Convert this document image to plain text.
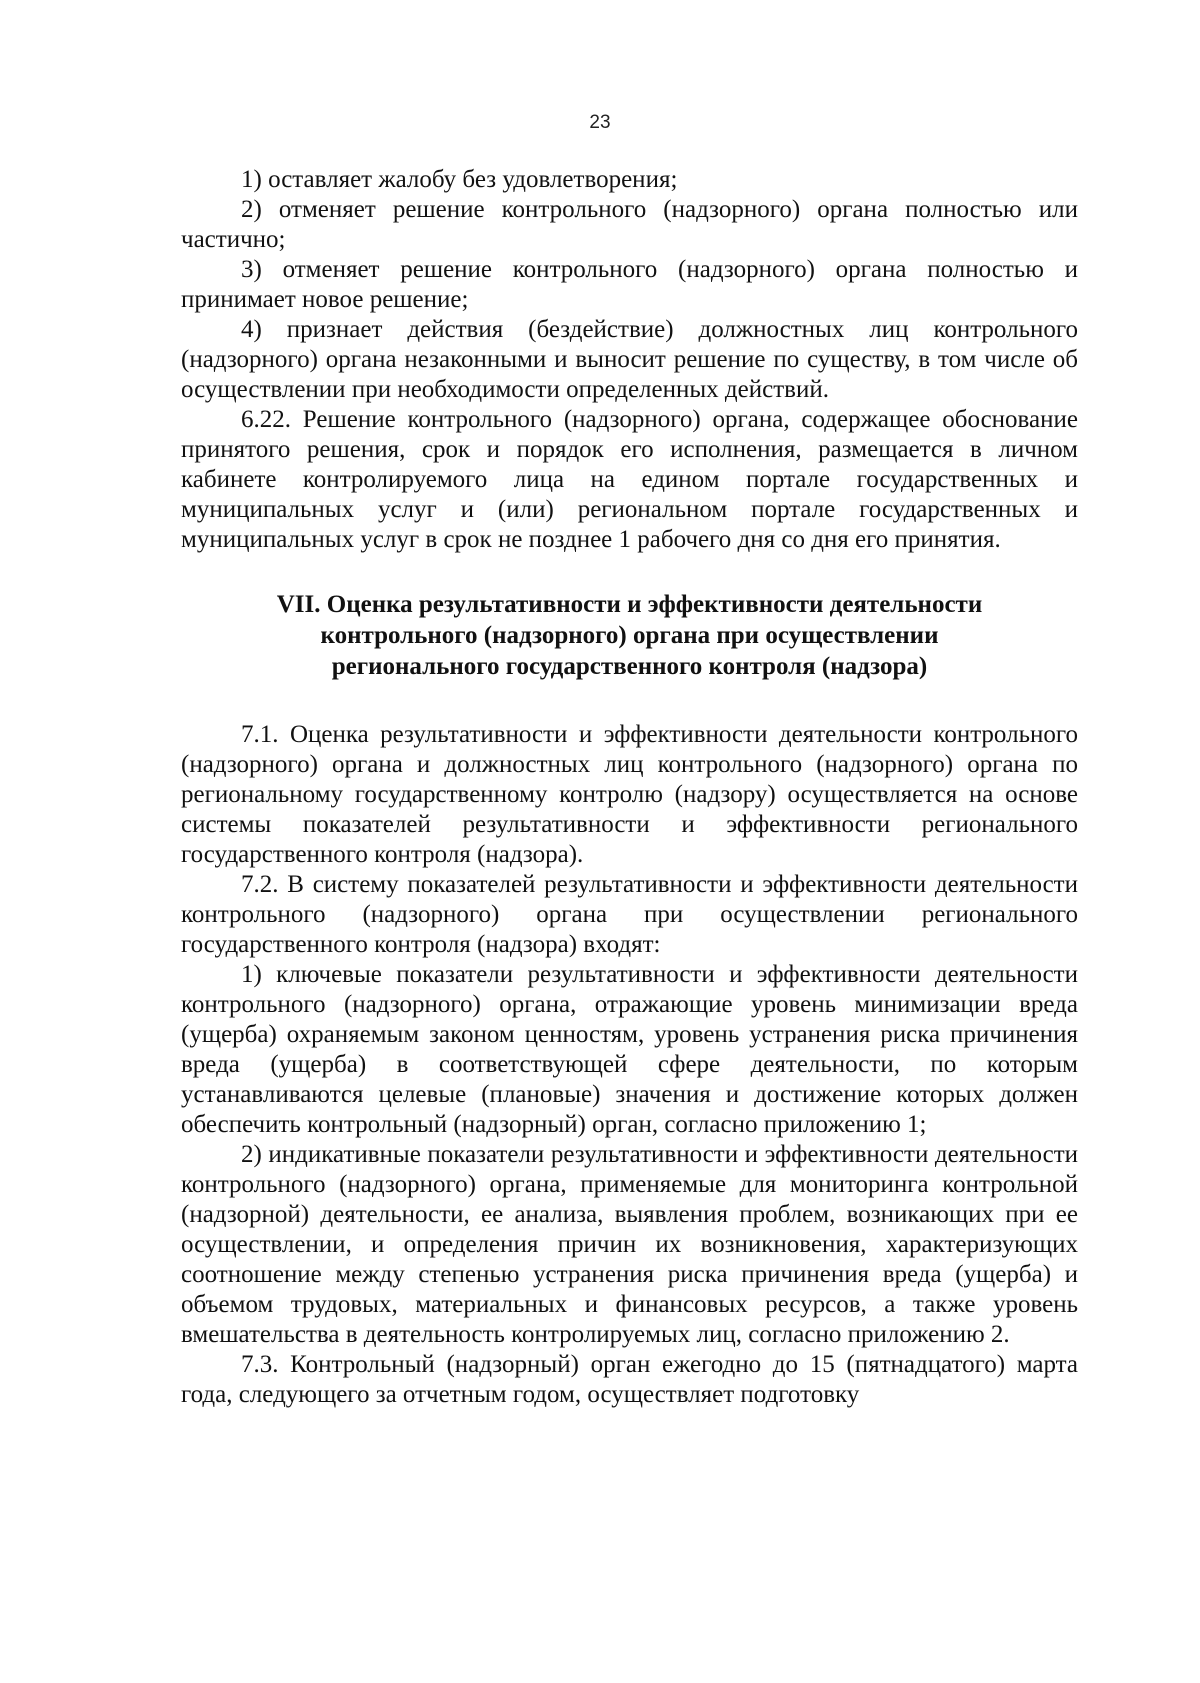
23

1) оставляет жалобу без удовлетворения;

2) отменяет решение контрольного (надзорного) органа полностью или частично;

3) отменяет решение контрольного (надзорного) органа полностью и принимает новое решение;

4) признает действия (бездействие) должностных лиц контрольного (надзорного) органа незаконными и выносит решение по существу, в том числе об осуществлении при необходимости определенных действий.

6.22. Решение контрольного (надзорного) органа, содержащее обоснование принятого решения, срок и порядок его исполнения, размещается в личном кабинете контролируемого лица на едином портале государственных и муниципальных услуг и (или) региональном портале государственных и муниципальных услуг в срок не позднее 1 рабочего дня со дня его принятия.

VII. Оценка результативности и эффективности деятельности
контрольного (надзорного) органа при осуществлении
регионального государственного контроля (надзора)

7.1. Оценка результативности и эффективности деятельности контрольного (надзорного) органа и должностных лиц контрольного (надзорного) органа по региональному государственному контролю (надзору) осуществляется на основе системы показателей результативности и эффективности регионального государственного контроля (надзора).

7.2. В систему показателей результативности и эффективности деятельности контрольного (надзорного) органа при осуществлении регионального государственного контроля (надзора) входят:

1) ключевые показатели результативности и эффективности деятельности контрольного (надзорного) органа, отражающие уровень минимизации вреда (ущерба) охраняемым законом ценностям, уровень устранения риска причинения вреда (ущерба) в соответствующей сфере деятельности, по которым устанавливаются целевые (плановые) значения и достижение которых должен обеспечить контрольный (надзорный) орган, согласно приложению 1;

2) индикативные показатели результативности и эффективности деятельности контрольного (надзорного) органа, применяемые для мониторинга контрольной (надзорной) деятельности, ее анализа, выявления проблем, возникающих при ее осуществлении, и определения причин их возникновения, характеризующих соотношение между степенью устранения риска причинения вреда (ущерба) и объемом трудовых, материальных и финансовых ресурсов, а также уровень вмешательства в деятельность контролируемых лиц, согласно приложению 2.

7.3. Контрольный (надзорный) орган ежегодно до 15 (пятнадцатого) марта года, следующего за отчетным годом, осуществляет подготовку
